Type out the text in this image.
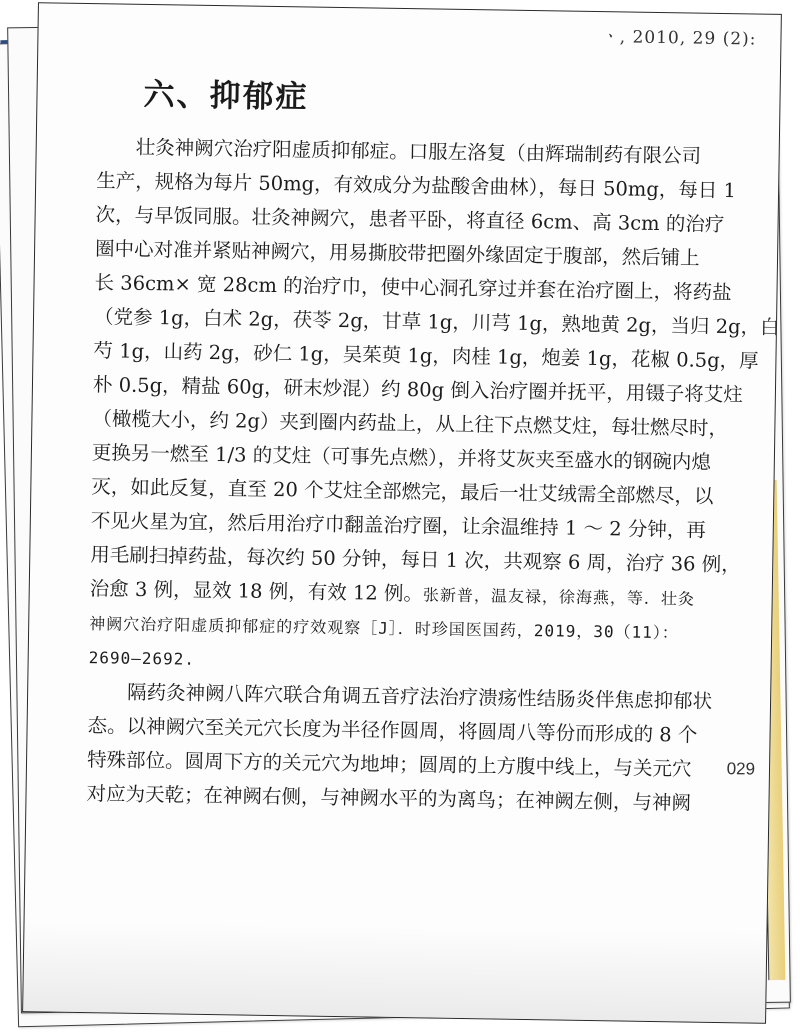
ㆍ, 2010, 29 (2):
六、抑郁症

壮灸神阙穴治疗阳虚质抑郁症。口服左洛复（由辉瑞制药有限公司
生产，规格为每片 50mg，有效成分为盐酸舍曲林），每日 50mg，每日 1
次，与早饭同服。壮灸神阙穴，患者平卧，将直径 6cm、高 3cm 的治疗
圈中心对准并紧贴神阙穴，用易撕胶带把圈外缘固定于腹部，然后铺上
长 36cm× 宽 28cm 的治疗巾，使中心洞孔穿过并套在治疗圈上，将药盐
（党参 1g，白术 2g，茯苓 2g，甘草 1g，川芎 1g，熟地黄 2g，当归 2g，白
芍 1g，山药 2g，砂仁 1g，吴茱萸 1g，肉桂 1g，炮姜 1g，花椒 0.5g，厚
朴 0.5g，精盐 60g，研末炒混）约 80g 倒入治疗圈并抚平，用镊子将艾炷
（橄榄大小，约 2g）夹到圈内药盐上，从上往下点燃艾炷，每壮燃尽时，
更换另一燃至 1/3 的艾炷（可事先点燃），并将艾灰夹至盛水的钢碗内熄
灭，如此反复，直至 20 个艾炷全部燃完，最后一壮艾绒需全部燃尽，以
不见火星为宜，然后用治疗巾翻盖治疗圈，让余温维持 1 ～ 2 分钟，再
用毛刷扫掉药盐，每次约 50 分钟，每日 1 次，共观察 6 周，治疗 36 例，
治愈 3 例，显效 18 例，有效 12 例。张新普，温友禄，徐海燕，等．壮灸
神阙穴治疗阳虚质抑郁症的疗效观察［J］．时珍国医国药，2019，30（11）：
2690–2692.

隔药灸神阙八阵穴联合角调五音疗法治疗溃疡性结肠炎伴焦虑抑郁状
态。以神阙穴至关元穴长度为半径作圆周，将圆周八等份而形成的 8 个
特殊部位。圆周下方的关元穴为地坤；圆周的上方腹中线上，与关元穴
对应为天乾；在神阙右侧，与神阙水平的为离鸟；在神阙左侧，与神阙

029
